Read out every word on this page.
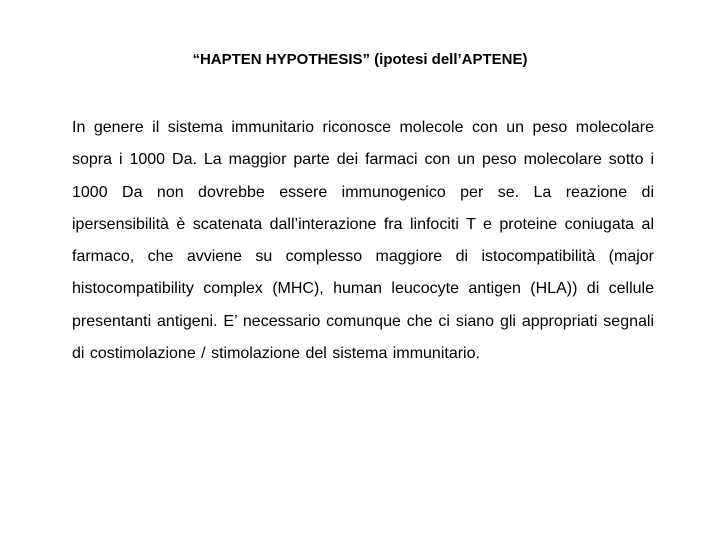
“HAPTEN HYPOTHESIS” (ipotesi dell’APTENE)

In genere il sistema immunitario riconosce molecole con un peso molecolare sopra i 1000 Da. La maggior parte dei farmaci con un peso molecolare sotto i 1000 Da non dovrebbe essere immunogenico per se. La reazione di ipersensibilità è scatenata dall’interazione fra linfociti T e proteine coniugata al farmaco, che avviene su complesso maggiore di istocompatibilità (major histocompatibility complex (MHC), human leucocyte antigen (HLA)) di cellule presentanti antigeni. E’ necessario comunque che ci siano gli appropriati segnali di costimolazione / stimolazione del sistema immunitario.
